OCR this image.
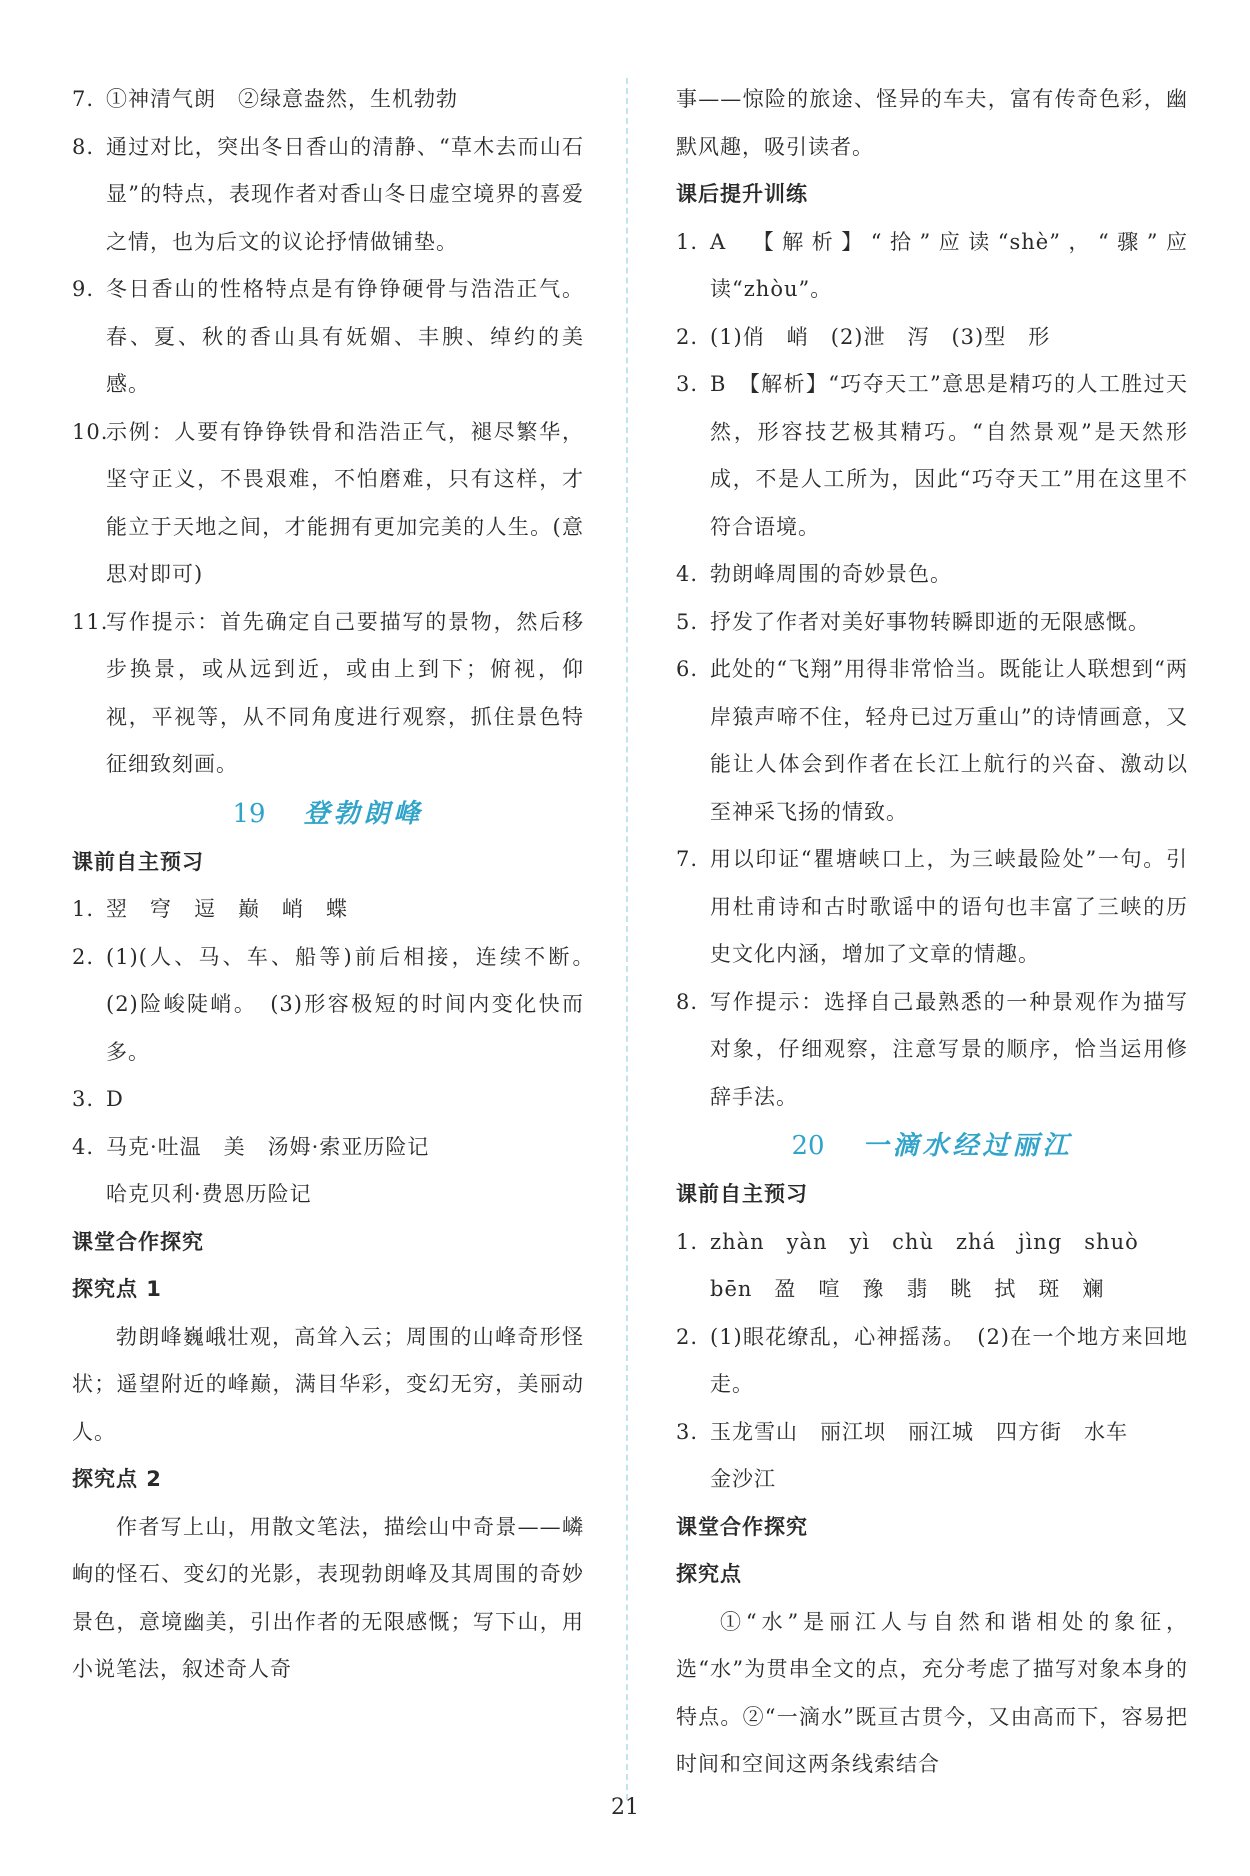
7. ①神清气朗　②绿意盎然，生机勃勃
8. 通过对比，突出冬日香山的清静、“草木去而山石显”的特点，表现作者对香山冬日虚空境界的喜爱之情，也为后文的议论抒情做铺垫。
9. 冬日香山的性格特点是有铮铮硬骨与浩浩正气。春、夏、秋的香山具有妩媚、丰腴、绰约的美感。
10.
示例：人要有铮铮铁骨和浩浩正气，褪尽繁华，坚守正义，不畏艰难，不怕磨难，只有这样，才能立于天地之间，才能拥有更加完美的人生。(意思对即可)
11.
写作提示：首先确定自己要描写的景物，然后移步换景，或从远到近，或由上到下；俯视，仰视，平视等，从不同角度进行观察，抓住景色特征细致刻画。

19 登勃朗峰

课前自主预习

1. 翌 穹 逗 巅 峭 蝶
2. (1)(人、马、车、船等)前后相接，连续不断。　(2)险峻陡峭。　(3)形容极短的时间内变化快而多。
3. D
4. 马克·吐温　美　汤姆·索亚历险记
哈克贝利·费恩历险记

课堂合作探究

探究点 1

勃朗峰巍峨壮观，高耸入云；周围的山峰奇形怪状；遥望附近的峰巅，满目华彩，变幻无穷，美丽动人。

探究点 2

作者写上山，用散文笔法，描绘山中奇景——嶙峋的怪石、变幻的光影，表现勃朗峰及其周围的奇妙景色，意境幽美，引出作者的无限感慨；写下山，用小说笔法，叙述奇人奇

事——惊险的旅途、怪异的车夫，富有传奇色彩，幽默风趣，吸引读者。

课后提升训练

1. A　【解析】“拾”应读“shè”，“骤”应读“zhòu”。
2. (1)俏　峭　(2)泄　泻　(3)型　形
3. B　【解析】“巧夺天工”意思是精巧的人工胜过天然，形容技艺极其精巧。“自然景观”是天然形成，不是人工所为，因此“巧夺天工”用在这里不符合语境。
4. 勃朗峰周围的奇妙景色。
5. 抒发了作者对美好事物转瞬即逝的无限感慨。
6. 此处的“飞翔”用得非常恰当。既能让人联想到“两岸猿声啼不住，轻舟已过万重山”的诗情画意，又能让人体会到作者在长江上航行的兴奋、激动以至神采飞扬的情致。
7. 用以印证“瞿塘峡口上，为三峡最险处”一句。引用杜甫诗和古时歌谣中的语句也丰富了三峡的历史文化内涵，增加了文章的情趣。
8. 写作提示：选择自己最熟悉的一种景观作为描写对象，仔细观察，注意写景的顺序，恰当运用修辞手法。

20 一滴水经过丽江

课前自主预习

1. zhàn yàn yì chù zhá jìng shuò
bēn 盈 喧 豫 翡 眺 拭 斑 斓
2. (1)眼花缭乱，心神摇荡。　(2)在一个地方来回地走。
3. 玉龙雪山　丽江坝　丽江城　四方街　水车
金沙江

课堂合作探究

探究点

①“水”是丽江人与自然和谐相处的象征，选“水”为贯串全文的点，充分考虑了描写对象本身的特点。②“一滴水”既亘古贯今，又由高而下，容易把时间和空间这两条线索结合

21
